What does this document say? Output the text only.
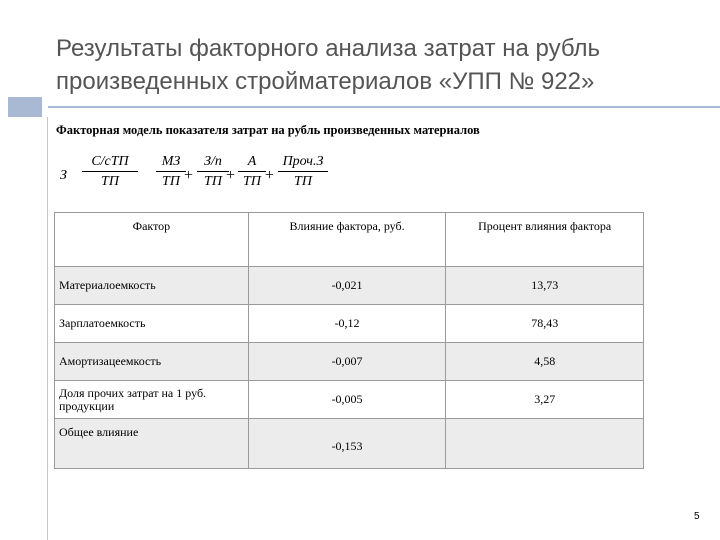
Результаты факторного анализа затрат на рубль
произведенных стройматериалов «УПП № 922»
Факторная модель показателя затрат на рубль произведенных материалов
З
С/сТП
ТП
МЗ
ТП +
З/п
ТП +
А
ТП +
Проч.З
ТП
Фактор	Влияние фактора, руб.	Процент влияния фактора
Материалоемкость	-0,021	13,73
Зарплатоемкость	-0,12	78,43
Амортизацеемкость	-0,007	4,58
Доля прочих затрат на 1 руб. продукции	-0,005	3,27
Общее влияние	-0,153	
5
